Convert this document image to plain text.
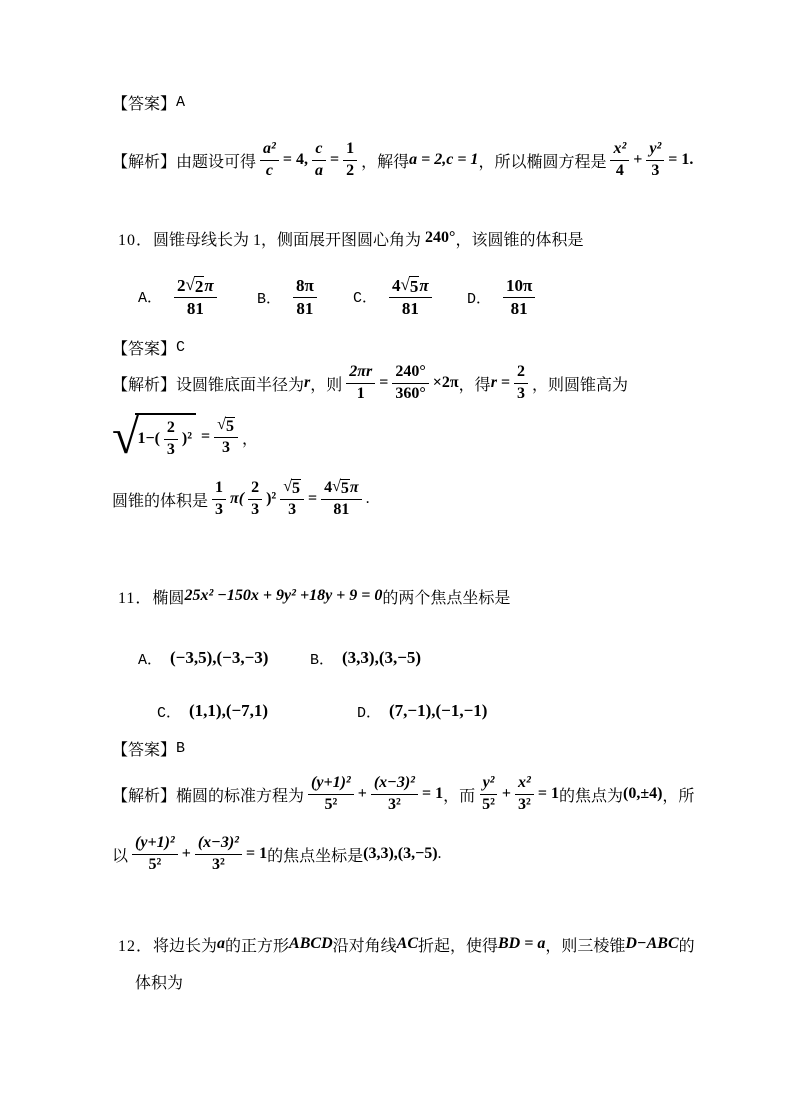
【答案】 A
【解析】 由题设可得 $\frac{\text{a²}}{c} = 4$, $\frac{c}{a} = \frac{1}{2}$ ，解得 a = 2,c = 1 ，所以椭圆方程是 $\frac{\text{x²}}{4} + \frac{\text{y²}}{3} = 1$.
10． 圆锥母线长为 1，侧面展开图圆心角为 240° ，该圆锥的体积是
A． $\frac{2 √ 2 \pi}{81}$	B． $\frac{8\pi}{81}$ C． $\frac{4 √ 5 \pi}{81}$ D． $\frac{10\pi}{81}$
【答案】 C
【解析】 设圆锥底面半径为 r ，则 $\frac{2\pi r}{1} = \frac{240^\circ}{360^\circ} \times 2\pi$ ，得 $r = \frac{2}{3}$ ，则圆锥高为
√
$1-( \frac{2}{3} )^2 = \frac{√ 5}{3}$ ，
圆锥的体积是 $\frac{1}{3} \pi( \frac{2}{3} )^2 \frac{√ 5}{3} = \frac{4 √ 5 \pi}{81}$ .
11． 椭圆 25x² −150x + 9y² +18y + 9 = 0 的两个焦点坐标是
A． (−3,5),(−3,−3)	B． (3,3),(3,−5)
C． (1,1),(−7,1)	D． (7,−1),(−1,−1)
【答案】 B
【解析】 椭圆的标准方程为 $\frac{\text{(y+1)²}}{\text{5²}} + \frac{\text{(x−3)²}}{\text{3²}} = 1$ ，而 $\frac{\text{y²}}{\text{5²}} + \frac{\text{x²}}{\text{3²}} = 1$ 的焦点为 (0,±4) ，所
以 $\frac{\text{(y+1)²}}{\text{5²}} + \frac{\text{(x−3)²}}{\text{3²}} = 1$ 的焦点坐标是 (3,3),(3,−5) .
12． 将边长为 a 的正方形 ABCD 沿对角线 AC 折起，使得 BD = a ，则三棱锥 D−ABC 的
体积为
